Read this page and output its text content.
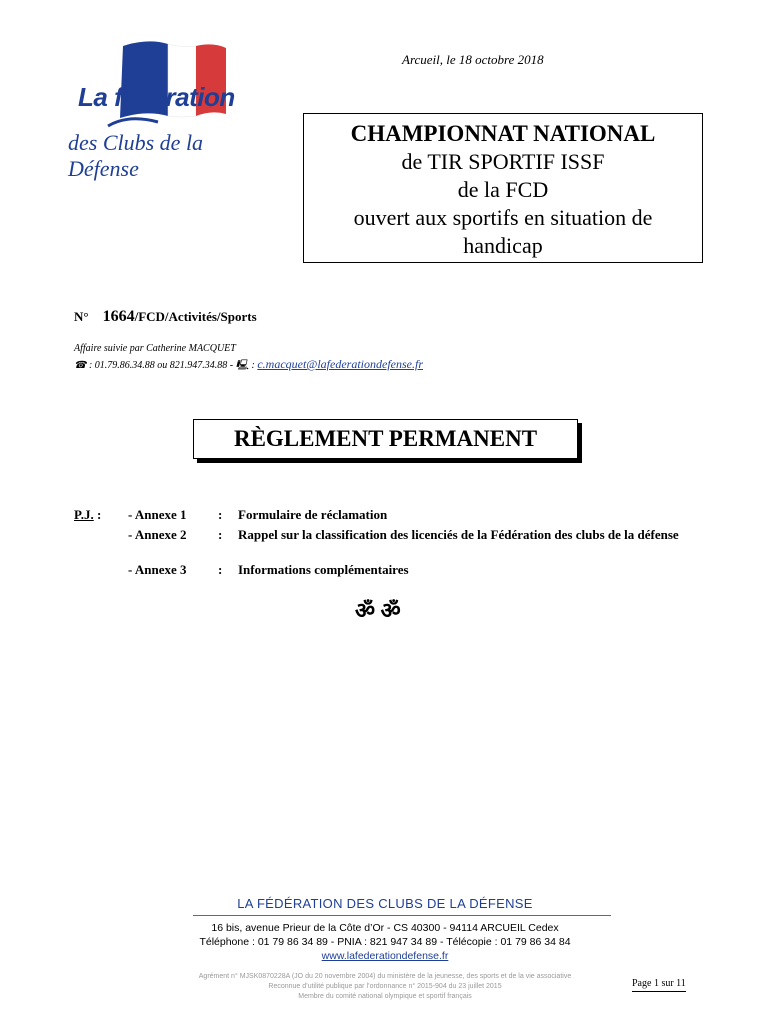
La fédération
des Clubs de la Défense
Arcueil, le 18 octobre 2018
CHAMPIONNAT NATIONAL
de TIR SPORTIF ISSF
de la FCD
ouvert aux sportifs en situation de
handicap
N° 1664/FCD/Activités/Sports
Affaire suivie par Catherine MACQUET
☎ : 01.79.86.34.88 ou 821.947.34.88 - 🖳 : c.macquet@lafederationdefense.fr
RÈGLEMENT PERMANENT
P.J. : - Annexe 1 : Formulaire de réclamation
- Annexe 2 : Rappel sur la classification des licenciés de la Fédération des clubs de la défense
- Annexe 3 : Informations complémentaires
ॐ ॐ
LA FÉDÉRATION DES CLUBS DE LA DÉFENSE
16 bis, avenue Prieur de la Côte d’Or - CS 40300 - 94114 ARCUEIL Cedex
Téléphone : 01 79 86 34 89 - PNIA : 821 947 34 89 - Télécopie : 01 79 86 34 84
www.lafederationdefense.fr
Agrément n° MJSK0870228A (JO du 20 novembre 2004) du ministère de la jeunesse, des sports et de la vie associative
Reconnue d’utilité publique par l’ordonnance n° 2015-904 du 23 juillet 2015
Membre du comité national olympique et sportif français
Page 1 sur 11
